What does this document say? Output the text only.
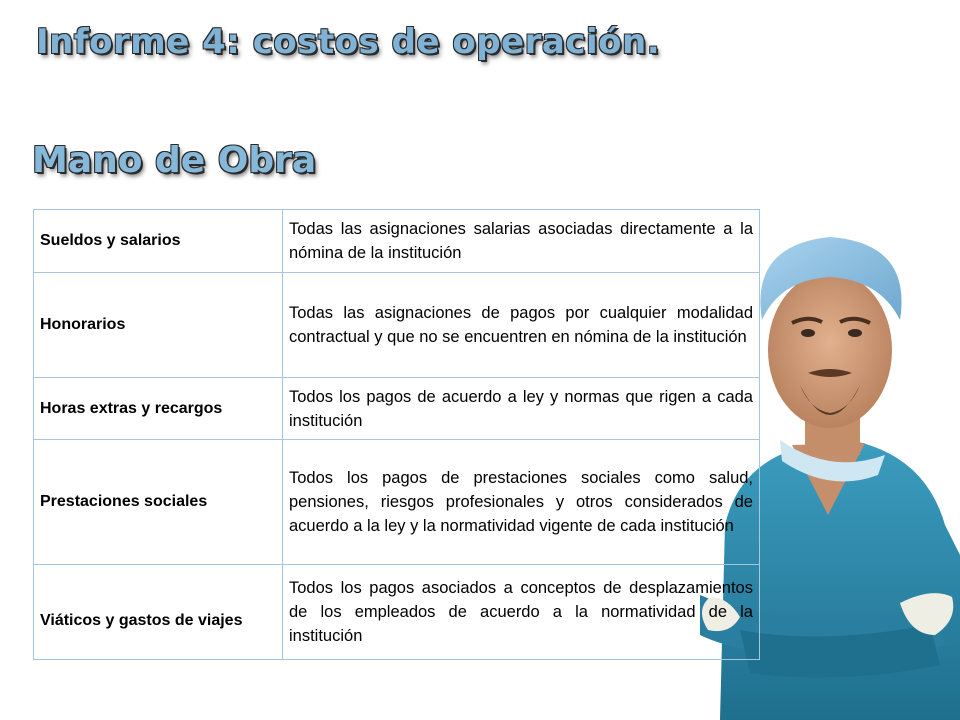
Informe 4: costos de operación.
Mano de Obra
Sueldos y salarios	Todas las asignaciones salarias asociadas directamente a la nómina de la institución
Honorarios	Todas las asignaciones de pagos por cualquier modalidad contractual y que no se encuentren en nómina de la institución
Horas extras y recargos	Todos los pagos de acuerdo a ley y normas que rigen a cada institución
Prestaciones sociales	Todos los pagos de prestaciones sociales como salud, pensiones, riesgos profesionales y otros considerados de acuerdo a la ley y la normatividad vigente de cada institución
Viáticos y gastos de viajes	Todos los pagos asociados a conceptos de desplazamientos de los empleados de acuerdo a la normatividad de la institución
